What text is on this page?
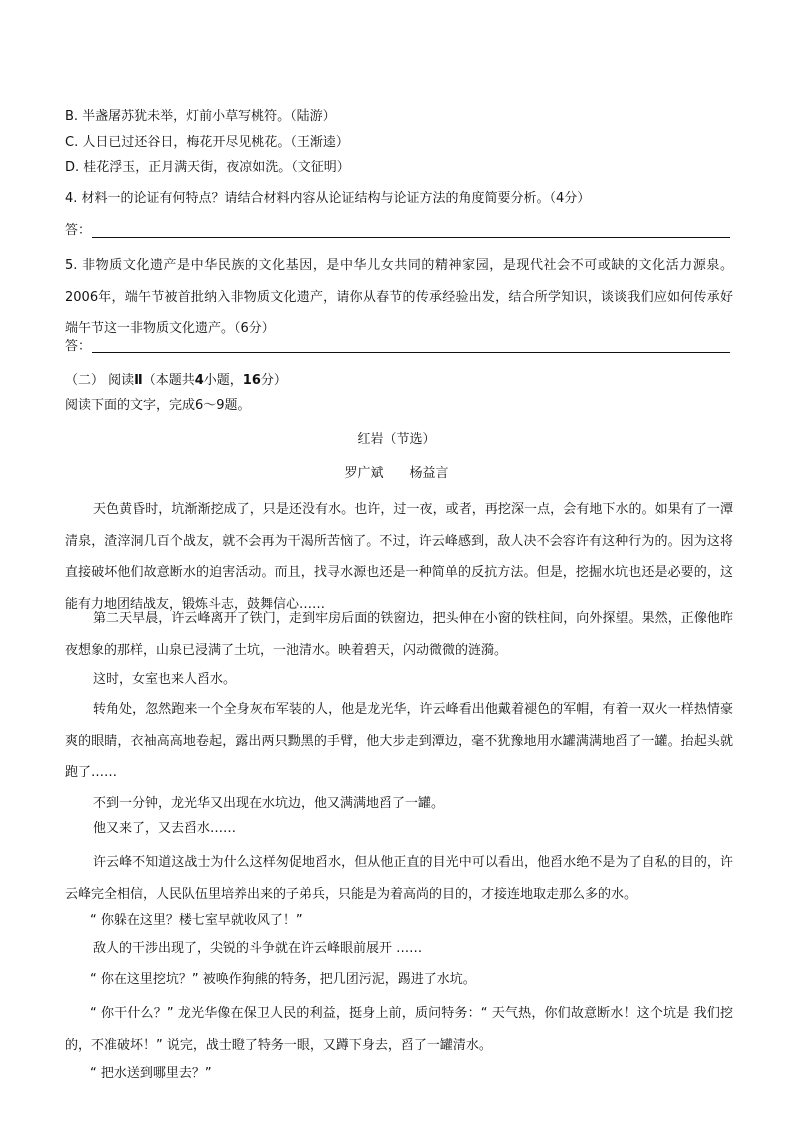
B. 半盏屠苏犹未举，灯前小草写桃符。（陆游）
C. 人日已过还谷日，梅花开尽见桃花。（王渐逵）
D. 桂花浮玉，正月满天街，夜凉如洗。（文征明）
4. 材料一的论证有何特点？请结合材料内容从论证结构与论证方法的角度简要分析。（4分）
答：
5. 非物质文化遗产是中华民族的文化基因，是中华儿女共同的精神家园，是现代社会不可或缺的文化活力源泉。2006年，端午节被首批纳入非物质文化遗产，请你从春节的传承经验出发，结合所学知识，谈谈我们应如何传承好端午节这一非物质文化遗产。（6分）
答：
（二） 阅读Ⅱ（本题共4小题，16分）
阅读下面的文字，完成6～9题。
红岩（节选）
罗广斌　　杨益言
天色黄昏时，坑渐渐挖成了，只是还没有水。也许，过一夜，或者，再挖深一点，会有地下水的。如果有了一潭清泉，渣滓洞几百个战友，就不会再为干渴所苦恼了。不过，许云峰感到，敌人决不会容许有这种行为的。因为这将直接破坏他们故意断水的迫害活动。而且，找寻水源也还是一种简单的反抗方法。但是，挖掘水坑也还是必要的，这能有力地团结战友，锻炼斗志，鼓舞信心……
第二天早晨，许云峰离开了铁门，走到牢房后面的铁窗边，把头伸在小窗的铁柱间，向外探望。果然，正像他昨夜想象的那样，山泉已浸满了土坑，一池清水。映着碧天，闪动微微的涟漪。
这时，女室也来人舀水。
转角处，忽然跑来一个全身灰布军装的人，他是龙光华，许云峰看出他戴着褪色的军帽，有着一双火一样热情豪爽的眼睛，衣袖高高地卷起，露出两只黝黑的手臂，他大步走到潭边，毫不犹豫地用水罐满满地舀了一罐。抬起头就跑了……
不到一分钟，龙光华又出现在水坑边，他又满满地舀了一罐。
他又来了，又去舀水……
许云峰不知道这战士为什么这样匆促地舀水，但从他正直的目光中可以看出，他舀水绝不是为了自私的目的，许云峰完全相信，人民队伍里培养出来的子弟兵，只能是为着高尚的目的，才接连地取走那么多的水。
“ 你躲在这里？楼七室早就收风了！”
敌人的干涉出现了，尖锐的斗争就在许云峰眼前展开 ……
“ 你在这里挖坑？” 被唤作狗熊的特务，把几团污泥，踢进了水坑。
“ 你干什么？” 龙光华像在保卫人民的利益，挺身上前，质问特务：“ 天气热，你们故意断水！这个坑是 我们挖的，不准破坏！” 说完，战士瞪了特务一眼，又蹲下身去，舀了一罐清水。
“ 把水送到哪里去？”
